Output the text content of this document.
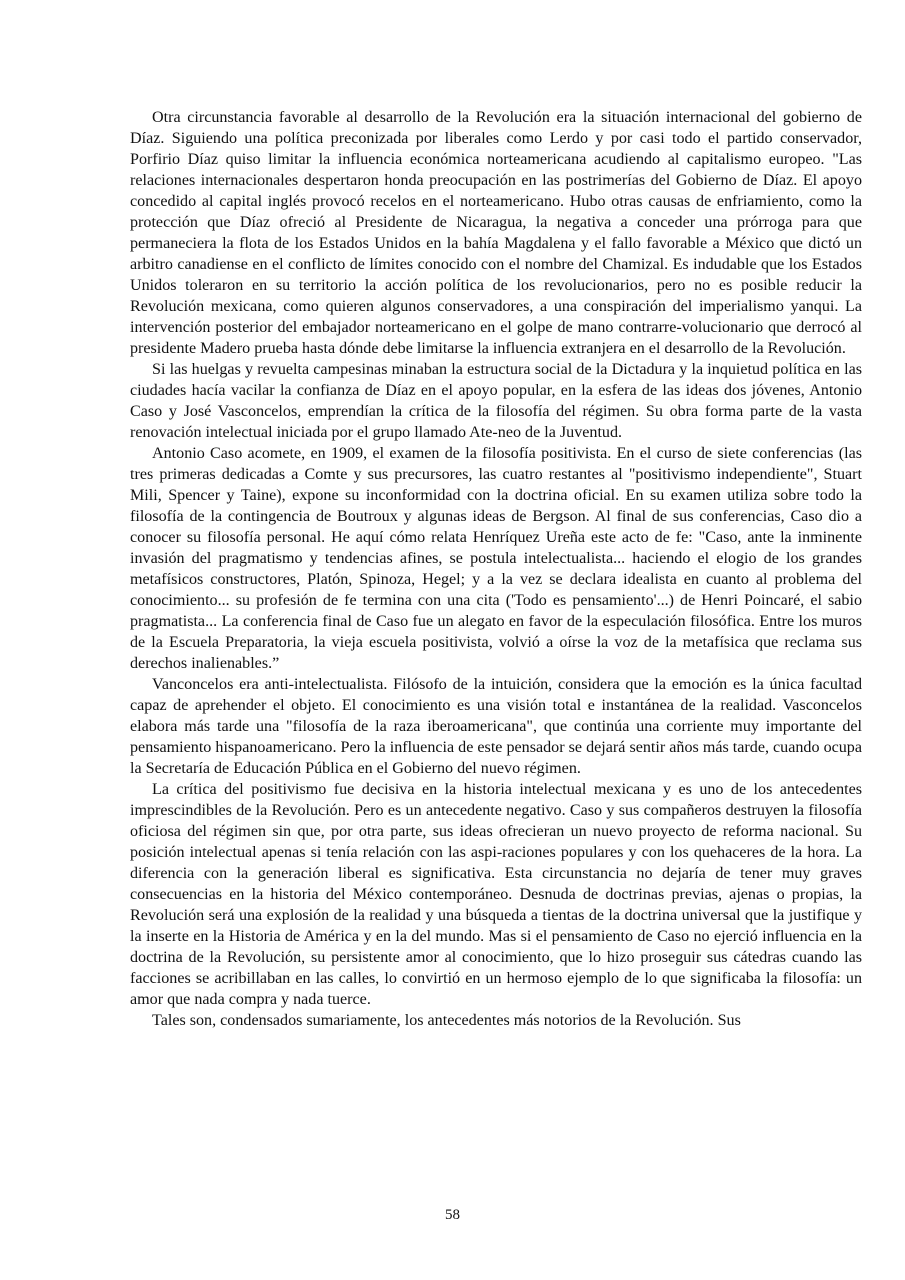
Otra circunstancia favorable al desarrollo de la Revolución era la situación internacional del gobierno de Díaz. Siguiendo una política preconizada por liberales como Lerdo y por casi todo el partido conservador, Porfirio Díaz quiso limitar la influencia económica norteamericana acudiendo al capitalismo europeo. "Las relaciones internacionales despertaron honda preocupación en las postrimerías del Gobierno de Díaz. El apoyo concedido al capital inglés provocó recelos en el norteamericano. Hubo otras causas de enfriamiento, como la protección que Díaz ofreció al Presidente de Nicaragua, la negativa a conceder una prórroga para que permaneciera la flota de los Estados Unidos en la bahía Magdalena y el fallo favorable a México que dictó un arbitro canadiense en el conflicto de límites conocido con el nombre del Chamizal. Es indudable que los Estados Unidos toleraron en su territorio la acción política de los revolucionarios, pero no es posible reducir la Revolución mexicana, como quieren algunos conservadores, a una conspiración del imperialismo yanqui. La intervención posterior del embajador norteamericano en el golpe de mano contrarre-volucionario que derrocó al presidente Madero prueba hasta dónde debe limitarse la influencia extranjera en el desarrollo de la Revolución.

Si las huelgas y revuelta campesinas minaban la estructura social de la Dictadura y la inquietud política en las ciudades hacía vacilar la confianza de Díaz en el apoyo popular, en la esfera de las ideas dos jóvenes, Antonio Caso y José Vasconcelos, emprendían la crítica de la filosofía del régimen. Su obra forma parte de la vasta renovación intelectual iniciada por el grupo llamado Ate-neo de la Juventud.

Antonio Caso acomete, en 1909, el examen de la filosofía positivista. En el curso de siete conferencias (las tres primeras dedicadas a Comte y sus precursores, las cuatro restantes al "positivismo independiente", Stuart Mili, Spencer y Taine), expone su inconformidad con la doctrina oficial. En su examen utiliza sobre todo la filosofía de la contingencia de Boutroux y algunas ideas de Bergson. Al final de sus conferencias, Caso dio a conocer su filosofía personal. He aquí cómo relata Henríquez Ureña este acto de fe: "Caso, ante la inminente invasión del pragmatismo y tendencias afines, se postula intelectualista... haciendo el elogio de los grandes metafísicos constructores, Platón, Spinoza, Hegel; y a la vez se declara idealista en cuanto al problema del conocimiento... su profesión de fe termina con una cita ('Todo es pensamiento'...) de Henri Poincaré, el sabio pragmatista... La conferencia final de Caso fue un alegato en favor de la especulación filosófica. Entre los muros de la Escuela Preparatoria, la vieja escuela positivista, volvió a oírse la voz de la metafísica que reclama sus derechos inalienables.”

Vanconcelos era anti-intelectualista. Filósofo de la intuición, considera que la emoción es la única facultad capaz de aprehender el objeto. El conocimiento es una visión total e instantánea de la realidad. Vasconcelos elabora más tarde una "filosofía de la raza iberoamericana", que continúa una corriente muy importante del pensamiento hispanoamericano. Pero la influencia de este pensador se dejará sentir años más tarde, cuando ocupa la Secretaría de Educación Pública en el Gobierno del nuevo régimen.

La crítica del positivismo fue decisiva en la historia intelectual mexicana y es uno de los antecedentes imprescindibles de la Revolución. Pero es un antecedente negativo. Caso y sus compañeros destruyen la filosofía oficiosa del régimen sin que, por otra parte, sus ideas ofrecieran un nuevo proyecto de reforma nacional. Su posición intelectual apenas si tenía relación con las aspi-raciones populares y con los quehaceres de la hora. La diferencia con la generación liberal es significativa. Esta circunstancia no dejaría de tener muy graves consecuencias en la historia del México contemporáneo. Desnuda de doctrinas previas, ajenas o propias, la Revolución será una explosión de la realidad y una búsqueda a tientas de la doctrina universal que la justifique y la inserte en la Historia de América y en la del mundo. Mas si el pensamiento de Caso no ejerció influencia en la doctrina de la Revolución, su persistente amor al conocimiento, que lo hizo proseguir sus cátedras cuando las facciones se acribillaban en las calles, lo convirtió en un hermoso ejemplo de lo que significaba la filosofía: un amor que nada compra y nada tuerce.

Tales son, condensados sumariamente, los antecedentes más notorios de la Revolución. Sus

58
